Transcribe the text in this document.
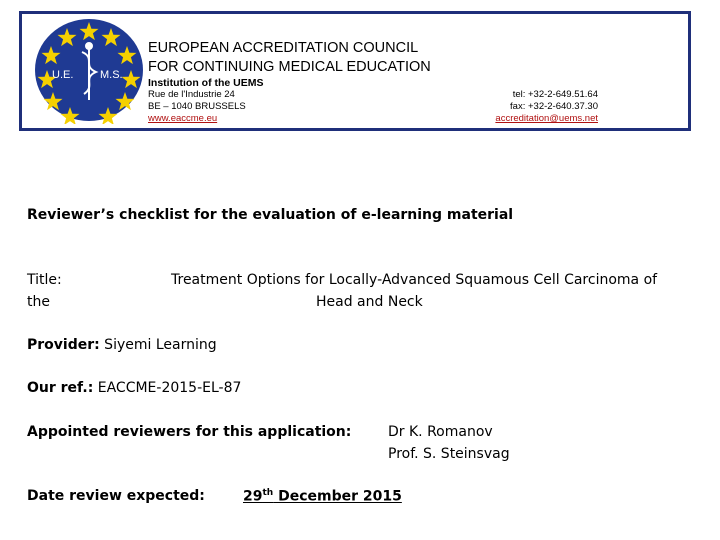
U.E. M.S.
EUROPEAN ACCREDITATION COUNCIL
FOR CONTINUING MEDICAL EDUCATION
Institution of the UEMS
Rue de l'Industrie 24
BE – 1040 BRUSSELS
www.eaccme.eu
tel: +32-2-649.51.64
fax: +32-2-640.37.30
accreditation@uems.net
Reviewer’s checklist for the evaluation of e-learning material
Title:	Treatment Options for Locally-Advanced Squamous Cell Carcinoma of
the	Head and Neck
Provider: Siyemi Learning
Our ref.: EACCME-2015-EL-87
Appointed reviewers for this application:	Dr K. Romanov
Prof. S. Steinsvag
Date review expected:	29th December 2015
